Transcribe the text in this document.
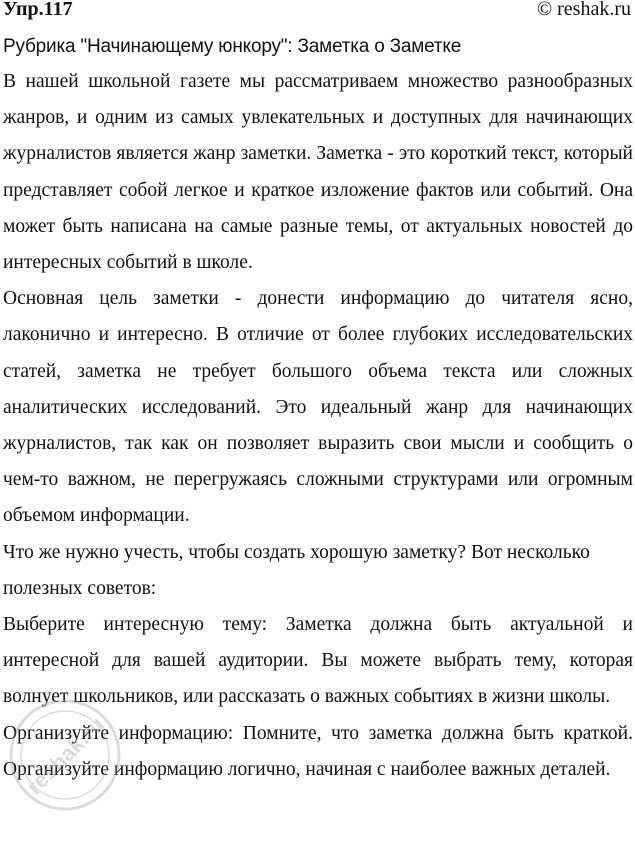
Упр.117	© reshak.ru
Рубрика "Начинающему юнкору": Заметка о Заметке

В нашей школьной газете мы рассматриваем множество разнообразных жанров, и одним из самых увлекательных и доступных для начинающих журналистов является жанр заметки. Заметка - это короткий текст, который представляет собой легкое и краткое изложение фактов или событий. Она может быть написана на самые разные темы, от актуальных новостей до интересных событий в школе.

Основная цель заметки - донести информацию до читателя ясно, лаконично и интересно. В отличие от более глубоких исследовательских статей, заметка не требует большого объема текста или сложных аналитических исследований. Это идеальный жанр для начинающих журналистов, так как он позволяет выразить свои мысли и сообщить о чем-то важном, не перегружаясь сложными структурами или огромным объемом информации.

Что же нужно учесть, чтобы создать хорошую заметку? Вот несколько полезных советов:

Выберите интересную тему: Заметка должна быть актуальной и интересной для вашей аудитории. Вы можете выбрать тему, которая волнует школьников, или рассказать о важных событиях в жизни школы.

Организуйте информацию: Помните, что заметка должна быть краткой. Организуйте информацию логично, начиная с наиболее важных деталей.

reshak.ru
